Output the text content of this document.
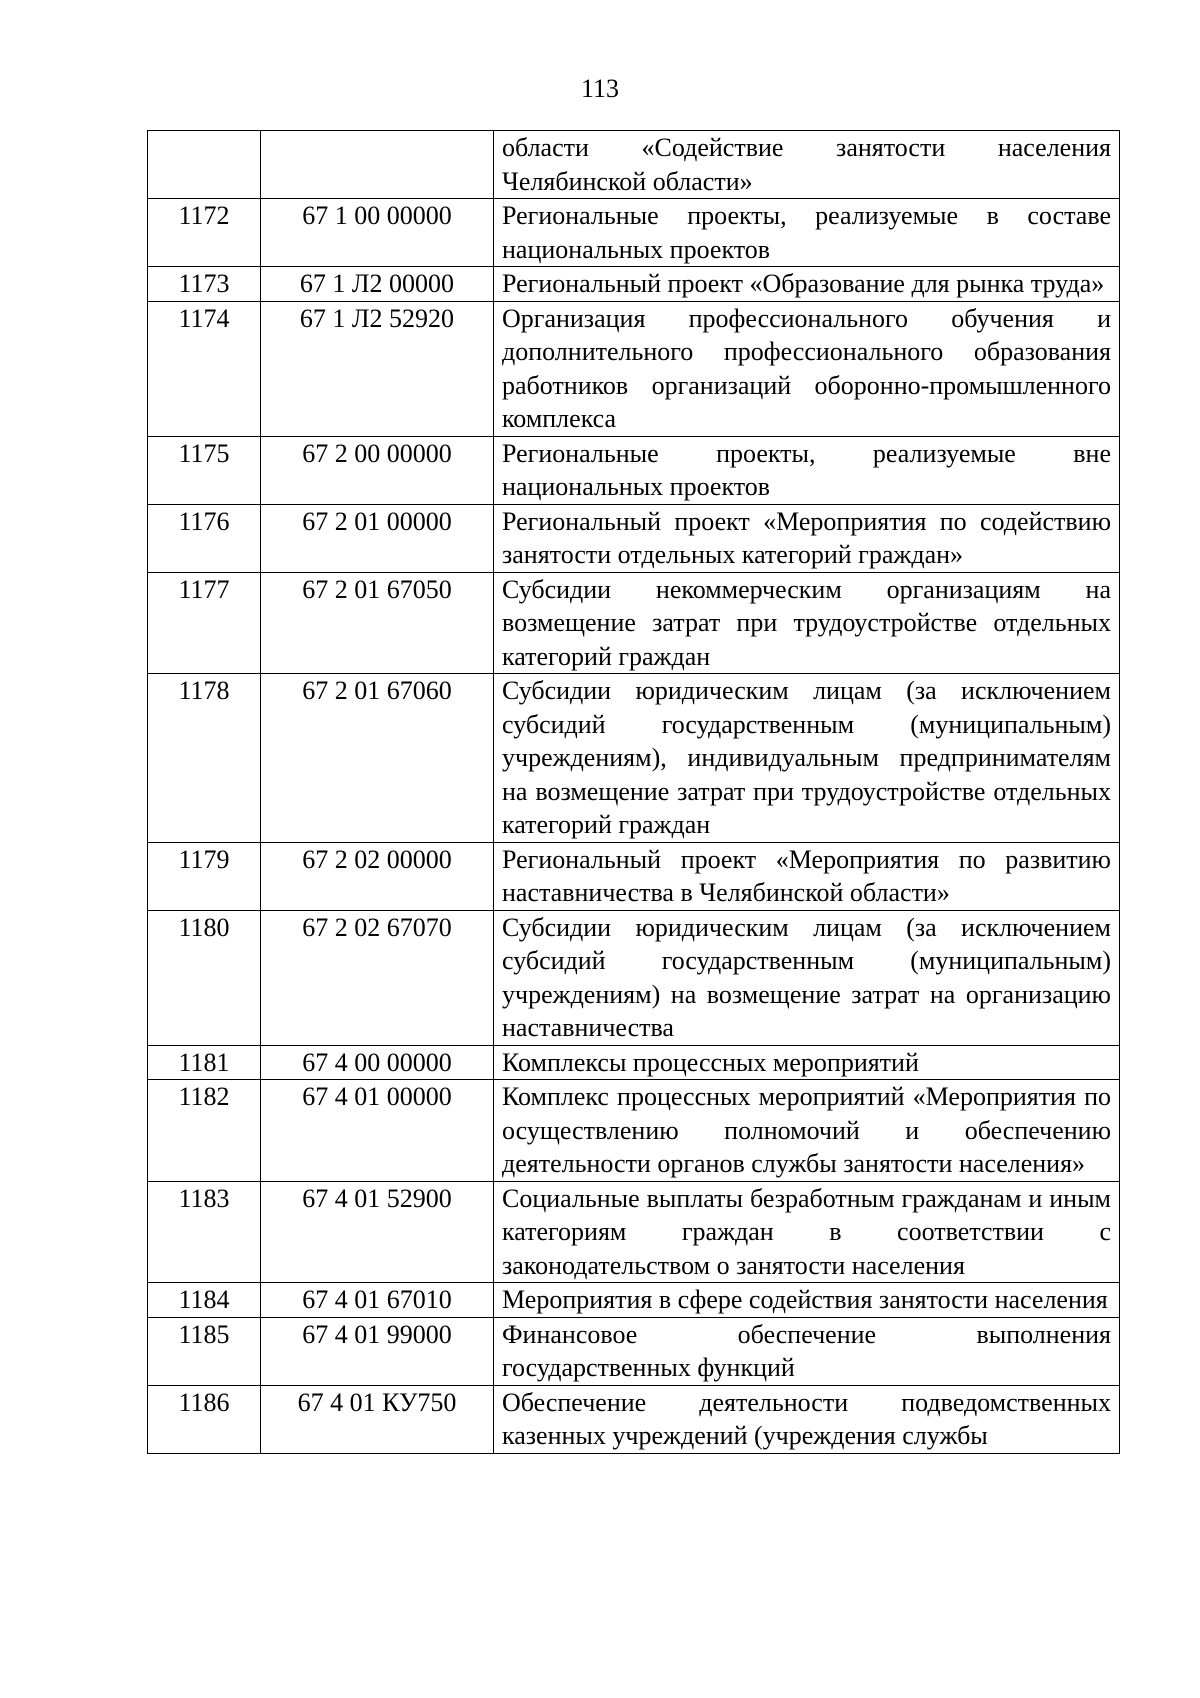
113

		области «Содействие занятости населения Челябинской области»

1172	67 1 00 00000	Региональные проекты, реализуемые в составе национальных проектов

1173	67 1 Л2 00000	Региональный проект «Образование для рынка труда»

1174	67 1 Л2 52920	Организация профессионального обучения и дополнительного профессионального образования работников организаций оборонно-промышленного комплекса

1175	67 2 00 00000	Региональные проекты, реализуемые вне национальных проектов

1176	67 2 01 00000	Региональный проект «Мероприятия по содействию занятости отдельных категорий граждан»

1177	67 2 01 67050	Субсидии некоммерческим организациям на возмещение затрат при трудоустройстве отдельных категорий граждан

1178	67 2 01 67060	Субсидии юридическим лицам (за исключением субсидий государственным (муниципальным) учреждениям), индивидуальным предпринимателям на возмещение затрат при трудоустройстве отдельных категорий граждан

1179	67 2 02 00000	Региональный проект «Мероприятия по развитию наставничества в Челябинской области»

1180	67 2 02 67070	Субсидии юридическим лицам (за исключением субсидий государственным (муниципальным) учреждениям) на возмещение затрат на организацию наставничества

1181	67 4 00 00000	Комплексы процессных мероприятий

1182	67 4 01 00000	Комплекс процессных мероприятий «Мероприятия по осуществлению полномочий и обеспечению деятельности органов службы занятости населения»

1183	67 4 01 52900	Социальные выплаты безработным гражданам и иным категориям граждан в соответствии с законодательством о занятости населения

1184	67 4 01 67010	Мероприятия в сфере содействия занятости населения

1185	67 4 01 99000	Финансовое обеспечение выполнения государственных функций

1186	67 4 01 КУ750	Обеспечение деятельности подведомственных казенных учреждений (учреждения службы
